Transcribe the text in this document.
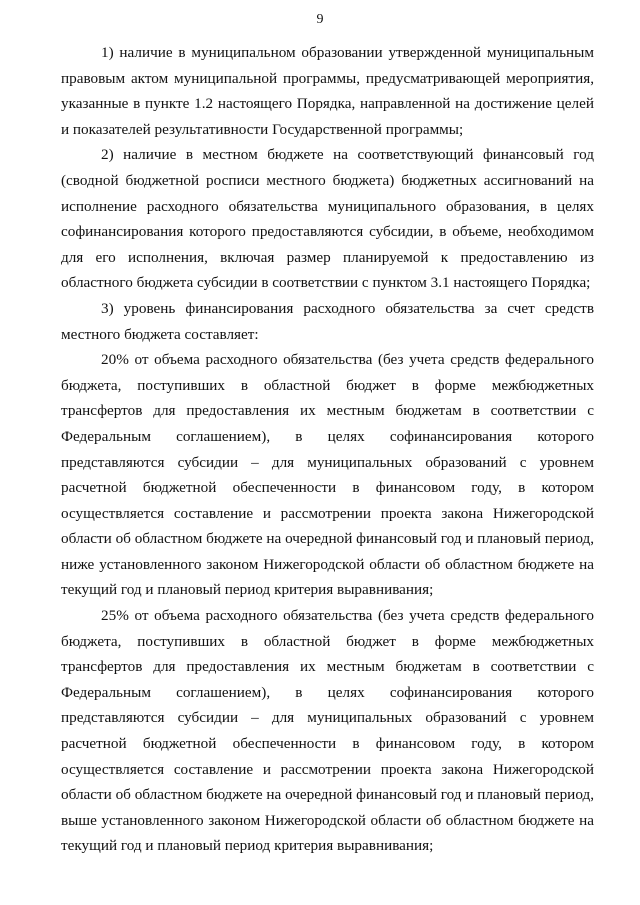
9

1) наличие в муниципальном образовании утвержденной муниципальным правовым актом муниципальной программы, предусматривающей мероприятия, указанные в пункте 1.2 настоящего Порядка, направленной на достижение целей и показателей результативности Государственной программы;

2) наличие в местном бюджете на соответствующий финансовый год (сводной бюджетной росписи местного бюджета) бюджетных ассигнований на исполнение расходного обязательства муниципального образования, в целях софинансирования которого предоставляются субсидии, в объеме, необходимом для его исполнения, включая размер планируемой к предоставлению из областного бюджета субсидии в соответствии с пунктом 3.1 настоящего Порядка;

3) уровень финансирования расходного обязательства за счет средств местного бюджета составляет:

20% от объема расходного обязательства (без учета средств федерального бюджета, поступивших в областной бюджет в форме межбюджетных трансфертов для предоставления их местным бюджетам в соответствии с Федеральным соглашением), в целях софинансирования которого представляются субсидии – для муниципальных образований с уровнем расчетной бюджетной обеспеченности в финансовом году, в котором осуществляется составление и рассмотрении проекта закона Нижегородской области об областном бюджете на очередной финансовый год и плановый период, ниже установленного законом Нижегородской области об областном бюджете на текущий год и плановый период критерия выравнивания;

25% от объема расходного обязательства (без учета средств федерального бюджета, поступивших в областной бюджет в форме межбюджетных трансфертов для предоставления их местным бюджетам в соответствии с Федеральным соглашением), в целях софинансирования которого представляются субсидии – для муниципальных образований с уровнем расчетной бюджетной обеспеченности в финансовом году, в котором осуществляется составление и рассмотрении проекта закона Нижегородской области об областном бюджете на очередной финансовый год и плановый период, выше установленного законом Нижегородской области об областном бюджете на текущий год и плановый период критерия выравнивания;
